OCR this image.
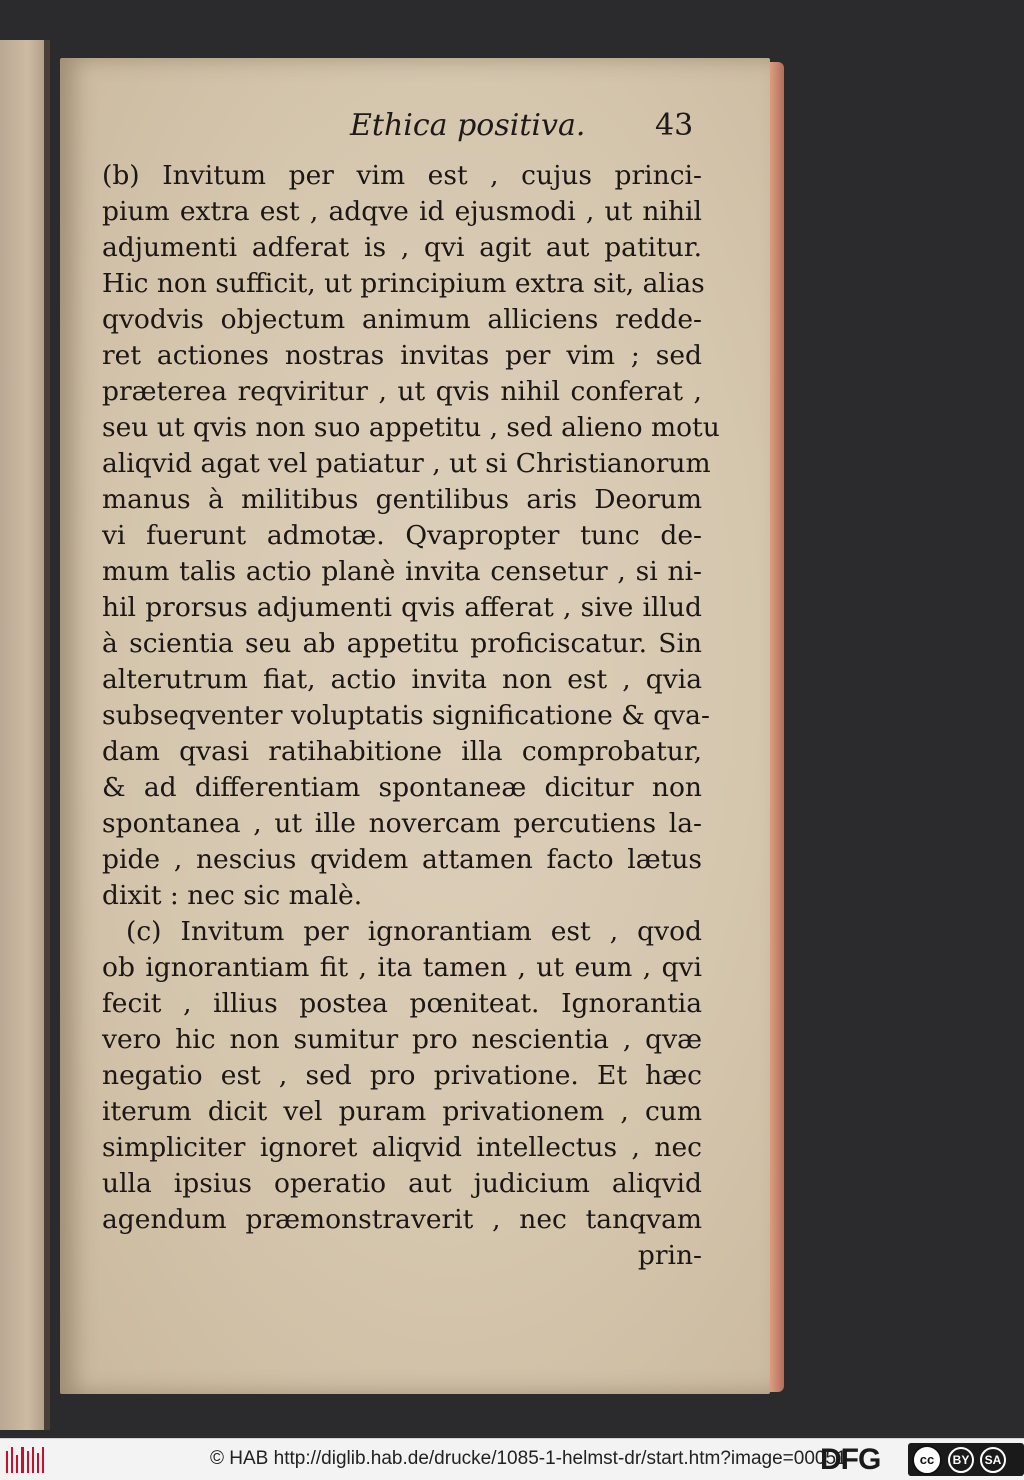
Ethica positiva. 43
(b) Invitum per vim est , cujus princi-
pium extra est , adqve id ejusmodi , ut nihil
adjumenti adferat is , qvi agit aut patitur.
Hic non sufficit, ut principium extra sit, alias
qvodvis objectum animum alliciens redde-
ret actiones nostras invitas per vim ; sed
præterea reqviritur , ut qvis nihil conferat ,
seu ut qvis non suo appetitu , sed alieno motu
aliqvid agat vel patiatur , ut si Christianorum
manus à militibus gentilibus aris Deorum
vi fuerunt admotæ. Qvapropter tunc de-
mum talis actio planè invita censetur , si ni-
hil prorsus adjumenti qvis afferat , sive illud
à scientia seu ab appetitu proficiscatur. Sin
alterutrum fiat, actio invita non est , qvia
subseqventer voluptatis significatione & qva-
dam qvasi ratihabitione illa comprobatur,
& ad differentiam spontaneæ dicitur non
spontanea , ut ille novercam percutiens la-
pide , nescius qvidem attamen facto lætus
dixit : nec sic malè.
(c) Invitum per ignorantiam est , qvod
ob ignorantiam fit , ita tamen , ut eum , qvi
fecit , illius postea pœniteat. Ignorantia
vero hic non sumitur pro nescientia , qvæ
negatio est , sed pro privatione. Et hæc
iterum dicit vel puram privationem , cum
simpliciter ignoret aliqvid intellectus , nec
ulla ipsius operatio aut judicium aliqvid
agendum præmonstraverit , nec tanqvam
prin-
© HAB http://diglib.hab.de/drucke/1085-1-helmst-dr/start.htm?image=00051
DFG	cc	BY	SA
